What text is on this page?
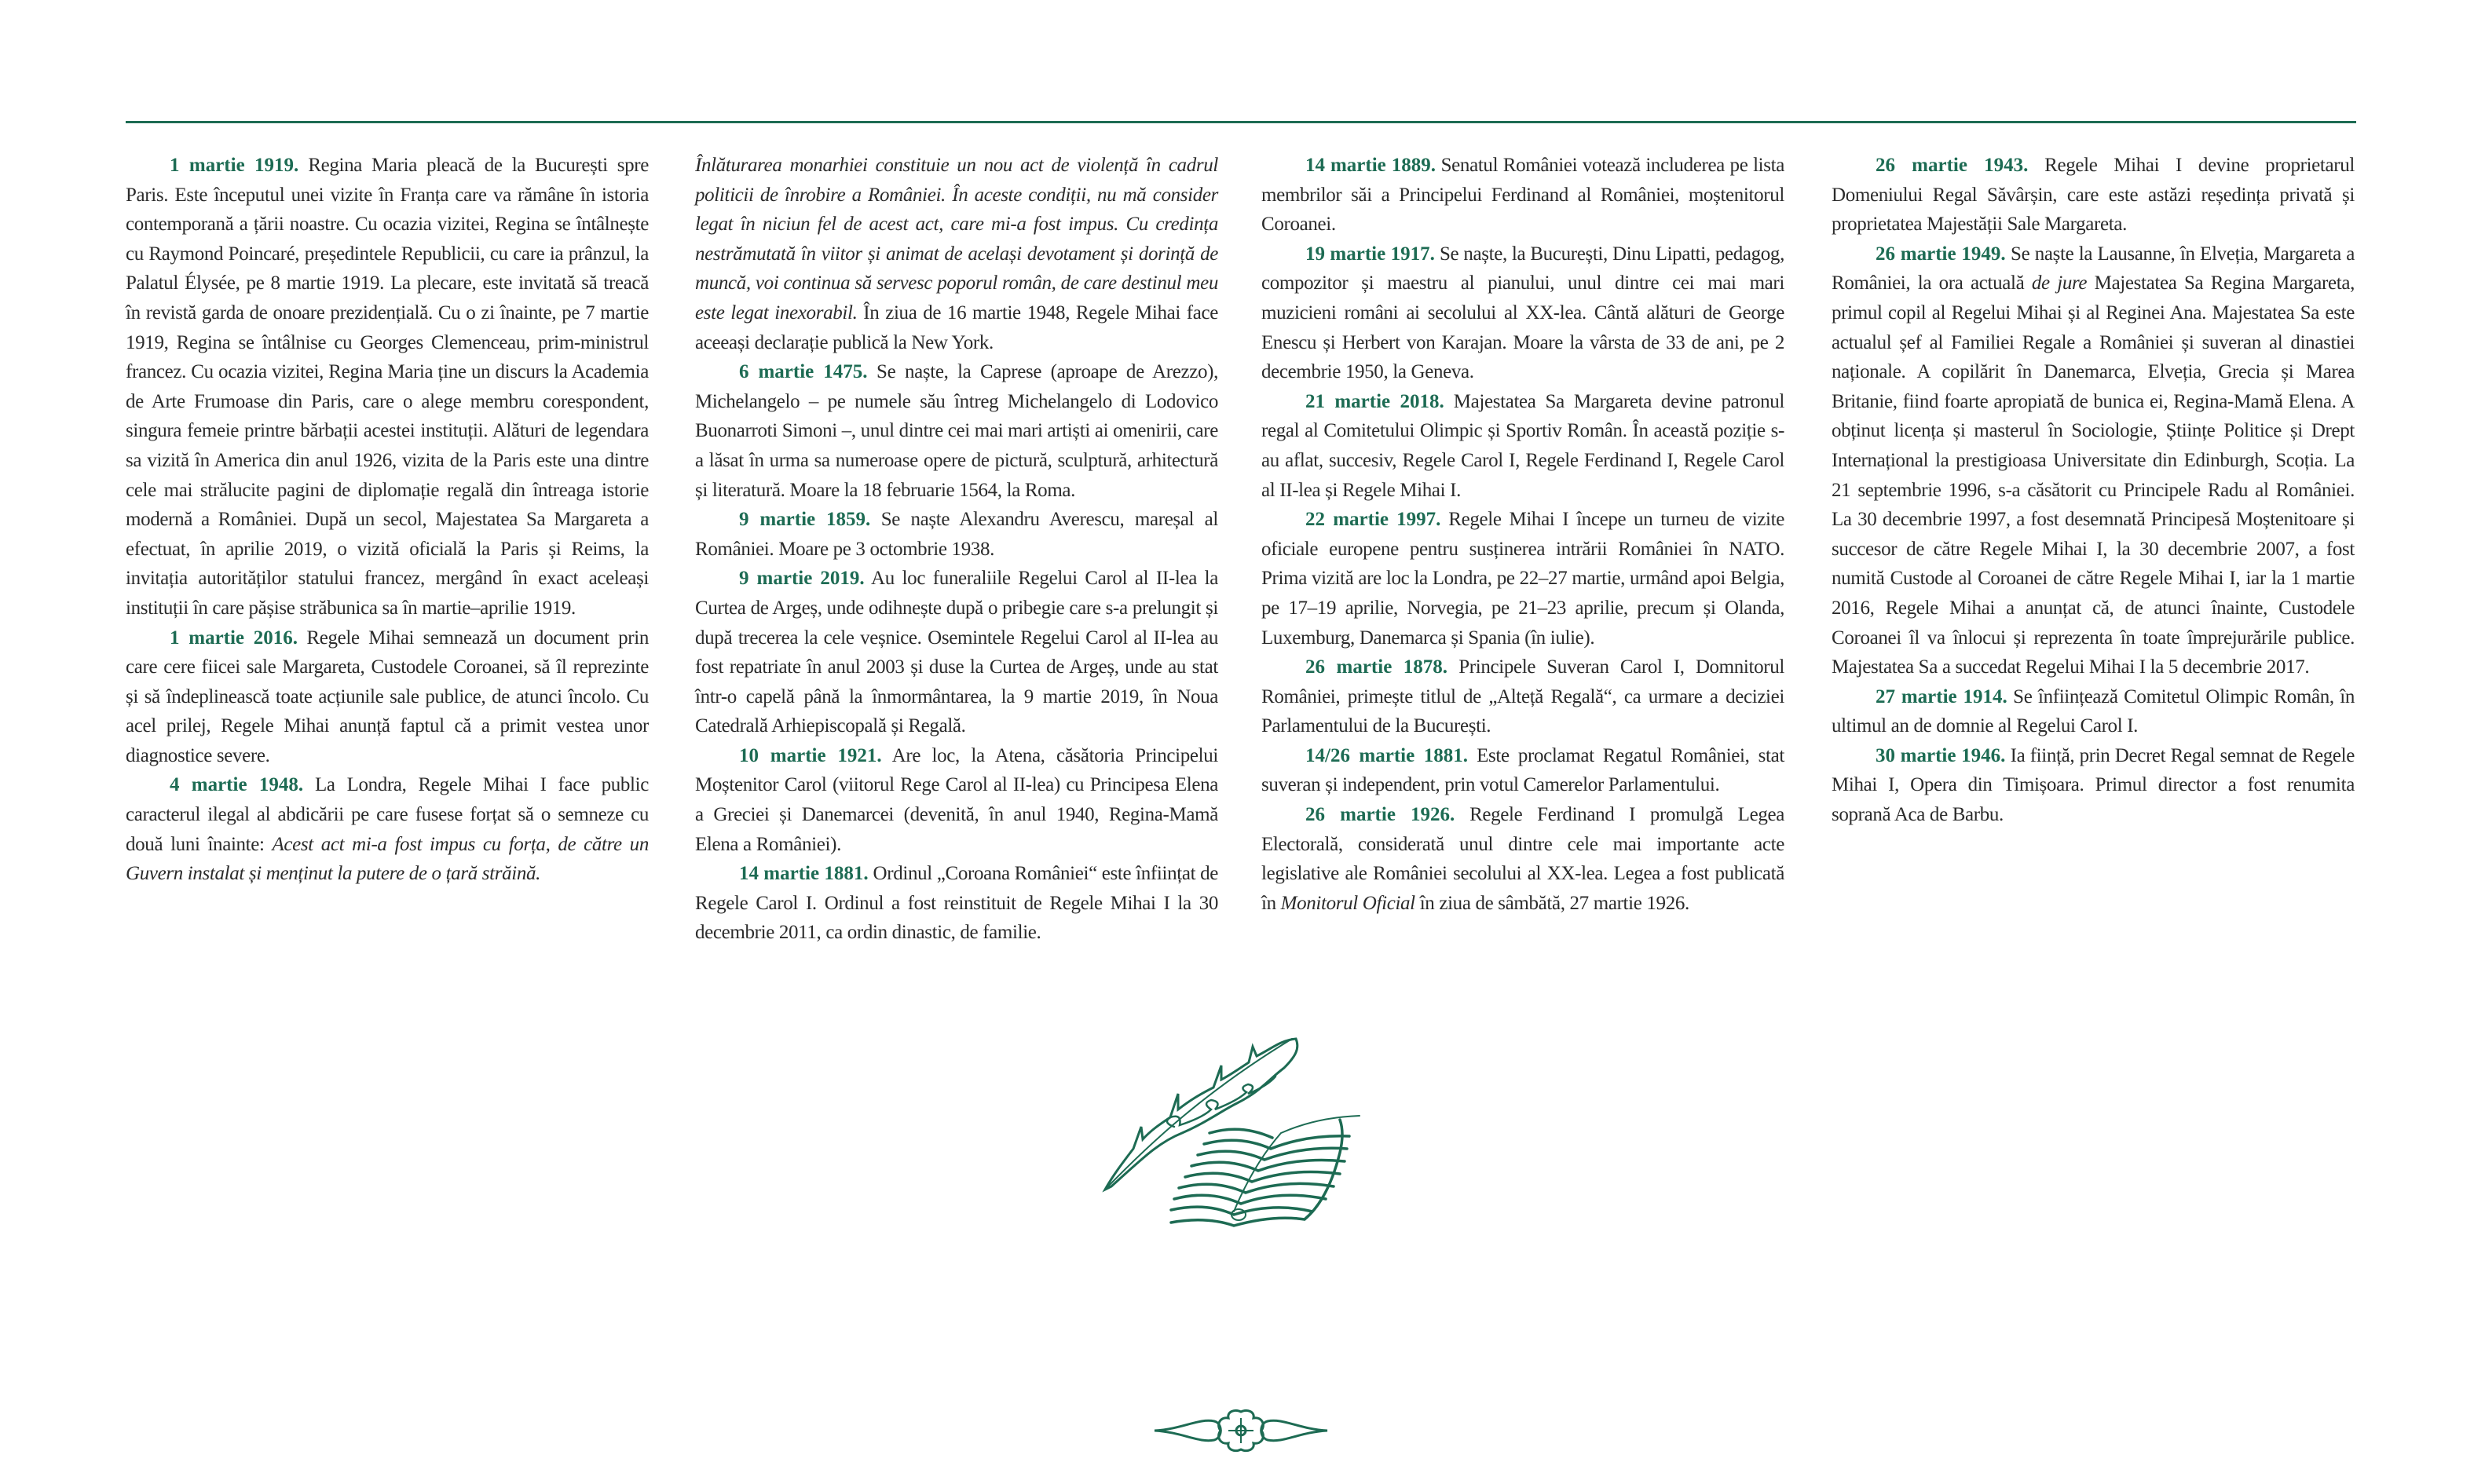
1 martie 1919. Regina Maria pleacă de la București spre Paris. Este începutul unei vizite în Franța care va rămâne în istoria contemporană a țării noastre. Cu ocazia vizitei, Regina se întâlnește cu Raymond Poincaré, președintele Republicii, cu care ia prânzul, la Palatul Élysée, pe 8 martie 1919. La plecare, este invitată să treacă în revistă garda de onoare prezidențială. Cu o zi înainte, pe 7 martie 1919, Regina se întâlnise cu Georges Clemenceau, prim-ministrul francez. Cu ocazia vizitei, Regina Maria ține un discurs la Academia de Arte Frumoase din Paris, care o alege membru corespondent, singura femeie printre bărbații acestei instituții. Alături de legendara sa vizită în America din anul 1926, vizita de la Paris este una dintre cele mai strălucite pagini de diplomație regală din întreaga istorie modernă a României. După un secol, Majestatea Sa Margareta a efectuat, în aprilie 2019, o vizită oficială la Paris și Reims, la invitația autorităților statului francez, mergând în exact aceleași instituții în care pășise străbunica sa în martie–aprilie 1919.

1 martie 2016. Regele Mihai semnează un document prin care cere fiicei sale Margareta, Custodele Coroanei, să îl reprezinte și să îndeplinească toate acțiunile sale publice, de atunci încolo. Cu acel prilej, Regele Mihai anunță faptul că a primit vestea unor diagnostice severe.

4 martie 1948. La Londra, Regele Mihai I face public caracterul ilegal al abdicării pe care fusese forțat să o semneze cu două luni înainte: Acest act mi-a fost impus cu forța, de către un Guvern instalat și menținut la putere de o țară străină.

Înlăturarea monarhiei constituie un nou act de violență în cadrul politicii de înrobire a României. În aceste condiții, nu mă consider legat în niciun fel de acest act, care mi-a fost impus. Cu credința nestrămutată în viitor și animat de același devotament și dorință de muncă, voi continua să servesc poporul român, de care destinul meu este legat inexorabil. În ziua de 16 martie 1948, Regele Mihai face aceeași declarație publică la New York.

6 martie 1475. Se naște, la Caprese (aproape de Arezzo), Michelangelo – pe numele său întreg Michelangelo di Lodovico Buonarroti Simoni –, unul dintre cei mai mari artiști ai omenirii, care a lăsat în urma sa numeroase opere de pictură, sculptură, arhitectură și literatură. Moare la 18 februarie 1564, la Roma.

9 martie 1859. Se naște Alexandru Averescu, mareșal al României. Moare pe 3 octombrie 1938.

9 martie 2019. Au loc funeraliile Regelui Carol al II-lea la Curtea de Argeș, unde odihnește după o pribegie care s-a prelungit și după trecerea la cele veșnice. Osemintele Regelui Carol al II-lea au fost repatriate în anul 2003 și duse la Curtea de Argeș, unde au stat într-o capelă până la înmormântarea, la 9 martie 2019, în Noua Catedrală Arhiepiscopală și Regală.

10 martie 1921. Are loc, la Atena, căsătoria Principelui Moștenitor Carol (viitorul Rege Carol al II-lea) cu Principesa Elena a Greciei și Danemarcei (devenită, în anul 1940, Regina-Mamă Elena a României).

14 martie 1881. Ordinul „Coroana României“ este înființat de Regele Carol I. Ordinul a fost reinstituit de Regele Mihai I la 30 decembrie 2011, ca ordin dinastic, de familie.

14 martie 1889. Senatul României votează includerea pe lista membrilor săi a Principelui Ferdinand al României, moștenitorul Coroanei.

19 martie 1917. Se naște, la București, Dinu Lipatti, pedagog, compozitor și maestru al pianului, unul dintre cei mai mari muzicieni români ai secolului al XX-lea. Cântă alături de George Enescu și Herbert von Karajan. Moare la vârsta de 33 de ani, pe 2 decembrie 1950, la Geneva.

21 martie 2018. Majestatea Sa Margareta devine patronul regal al Comitetului Olimpic și Sportiv Român. În această poziție s-au aflat, succesiv, Regele Carol I, Regele Ferdinand I, Regele Carol al II-lea și Regele Mihai I.

22 martie 1997. Regele Mihai I începe un turneu de vizite oficiale europene pentru susținerea intrării României în NATO. Prima vizită are loc la Londra, pe 22–27 martie, urmând apoi Belgia, pe 17–19 aprilie, Norvegia, pe 21–23 aprilie, precum și Olanda, Luxemburg, Danemarca și Spania (în iulie).

26 martie 1878. Principele Suveran Carol I, Domnitorul României, primește titlul de „Alteță Regală“, ca urmare a deciziei Parlamentului de la București.

14/26 martie 1881. Este proclamat Regatul României, stat suveran și independent, prin votul Camerelor Parlamentului.

26 martie 1926. Regele Ferdinand I promulgă Legea Electorală, considerată unul dintre cele mai importante acte legislative ale României secolului al XX-lea. Legea a fost publicată în Monitorul Oficial în ziua de sâmbătă, 27 martie 1926.

26 martie 1943. Regele Mihai I devine proprietarul Domeniului Regal Săvârșin, care este astăzi reședința privată și proprietatea Majestății Sale Margareta.

26 martie 1949. Se naște la Lausanne, în Elveția, Margareta a României, la ora actuală de jure Majestatea Sa Regina Margareta, primul copil al Regelui Mihai și al Reginei Ana. Majestatea Sa este actualul șef al Familiei Regale a României și suveran al dinastiei naționale. A copilărit în Danemarca, Elveția, Grecia și Marea Britanie, fiind foarte apropiată de bunica ei, Regina-Mamă Elena. A obținut licența și masterul în Sociologie, Științe Politice și Drept Internațional la prestigioasa Universitate din Edinburgh, Scoția. La 21 septembrie 1996, s-a căsătorit cu Principele Radu al României. La 30 decembrie 1997, a fost desemnată Principesă Moștenitoare și succesor de către Regele Mihai I, la 30 decembrie 2007, a fost numită Custode al Coroanei de către Regele Mihai I, iar la 1 martie 2016, Regele Mihai a anunțat că, de atunci înainte, Custodele Coroanei îl va înlocui și reprezenta în toate împrejurările publice. Majestatea Sa a succedat Regelui Mihai I la 5 decembrie 2017.

27 martie 1914. Se înființează Comitetul Olimpic Român, în ultimul an de domnie al Regelui Carol I.

30 martie 1946. Ia ființă, prin Decret Regal semnat de Regele Mihai I, Opera din Timișoara. Primul director a fost renumita soprană Aca de Barbu.
